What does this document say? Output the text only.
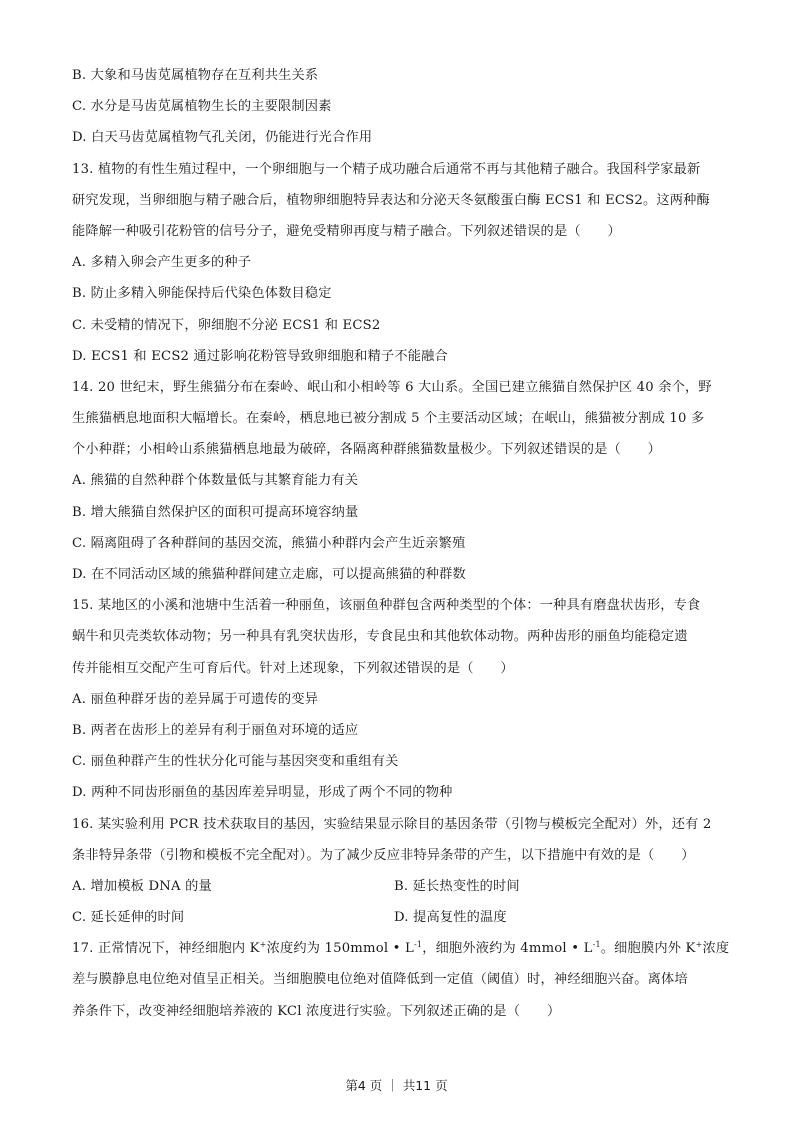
B. 大象和马齿苋属植物存在互利共生关系
C. 水分是马齿苋属植物生长的主要限制因素
D. 白天马齿苋属植物气孔关闭，仍能进行光合作用
13. 植物的有性生殖过程中，一个卵细胞与一个精子成功融合后通常不再与其他精子融合。我国科学家最新
研究发现，当卵细胞与精子融合后，植物卵细胞特异表达和分泌天冬氨酸蛋白酶 ECS1 和 ECS2。这两种酶
能降解一种吸引花粉管的信号分子，避免受精卵再度与精子融合。下列叙述错误的是（　　）
A. 多精入卵会产生更多的种子
B. 防止多精入卵能保持后代染色体数目稳定
C. 未受精的情况下，卵细胞不分泌 ECS1 和 ECS2
D. ECS1 和 ECS2 通过影响花粉管导致卵细胞和精子不能融合
14. 20 世纪末，野生熊猫分布在秦岭、岷山和小相岭等 6 大山系。全国已建立熊猫自然保护区 40 余个，野
生熊猫栖息地面积大幅增长。在秦岭，栖息地已被分割成 5 个主要活动区域；在岷山，熊猫被分割成 10 多
个小种群；小相岭山系熊猫栖息地最为破碎，各隔离种群熊猫数量极少。下列叙述错误的是（　　）
A. 熊猫的自然种群个体数量低与其繁育能力有关
B. 增大熊猫自然保护区的面积可提高环境容纳量
C. 隔离阻碍了各种群间的基因交流，熊猫小种群内会产生近亲繁殖
D. 在不同活动区域的熊猫种群间建立走廊，可以提高熊猫的种群数
15. 某地区的小溪和池塘中生活着一种丽鱼，该丽鱼种群包含两种类型的个体：一种具有磨盘状齿形，专食
蜗牛和贝壳类软体动物；另一种具有乳突状齿形，专食昆虫和其他软体动物。两种齿形的丽鱼均能稳定遗
传并能相互交配产生可育后代。针对上述现象，下列叙述错误的是（　　）
A. 丽鱼种群牙齿的差异属于可遗传的变异
B. 两者在齿形上的差异有利于丽鱼对环境的适应
C. 丽鱼种群产生的性状分化可能与基因突变和重组有关
D. 两种不同齿形丽鱼的基因库差异明显，形成了两个不同的物种
16. 某实验利用 PCR 技术获取目的基因，实验结果显示除目的基因条带（引物与模板完全配对）外，还有 2
条非特异条带（引物和模板不完全配对）。为了减少反应非特异条带的产生，以下措施中有效的是（　　）
A. 增加模板 DNA 的量	B. 延长热变性的时间
C. 延长延伸的时间	D. 提高复性的温度
17. 正常情况下，神经细胞内 K+浓度约为 150mmol • $L^{-1}$，细胞外液约为 4mmol • $L^{-1}$。细胞膜内外 K+浓度
差与膜静息电位绝对值呈正相关。当细胞膜电位绝对值降低到一定值（阈值）时，神经细胞兴奋。离体培
养条件下，改变神经细胞培养液的 KCl 浓度进行实验。下列叙述正确的是（　　）
第4 页 ｜ 共11 页
